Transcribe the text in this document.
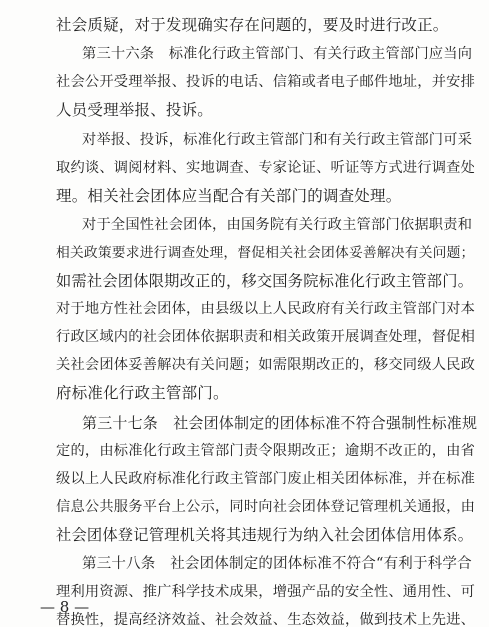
社会质疑，对于发现确实存在问题的，要及时进行改正。
第三十六条　标准化行政主管部门、有关行政主管部门应当向
社会公开受理举报、投诉的电话、信箱或者电子邮件地址，并安排
人员受理举报、投诉。
对举报、投诉，标准化行政主管部门和有关行政主管部门可采
取约谈、调阅材料、实地调查、专家论证、听证等方式进行调查处
理。相关社会团体应当配合有关部门的调查处理。
对于全国性社会团体，由国务院有关行政主管部门依据职责和
相关政策要求进行调查处理，督促相关社会团体妥善解决有关问题；
如需社会团体限期改正的，移交国务院标准化行政主管部门。
对于地方性社会团体，由县级以上人民政府有关行政主管部门对本
行政区域内的社会团体依据职责和相关政策开展调查处理，督促相
关社会团体妥善解决有关问题；如需限期改正的，移交同级人民政
府标准化行政主管部门。
第三十七条　社会团体制定的团体标准不符合强制性标准规
定的，由标准化行政主管部门责令限期改正；逾期不改正的，由省
级以上人民政府标准化行政主管部门废止相关团体标准，并在标准
信息公共服务平台上公示，同时向社会团体登记管理机关通报，由
社会团体登记管理机关将其违规行为纳入社会团体信用体系。
第三十八条　社会团体制定的团体标准不符合“有利于科学合
理利用资源、推广科学技术成果，增强产品的安全性、通用性、可
替换性，提高经济效益、社会效益、生态效益，做到技术上先进、
— 8 —
